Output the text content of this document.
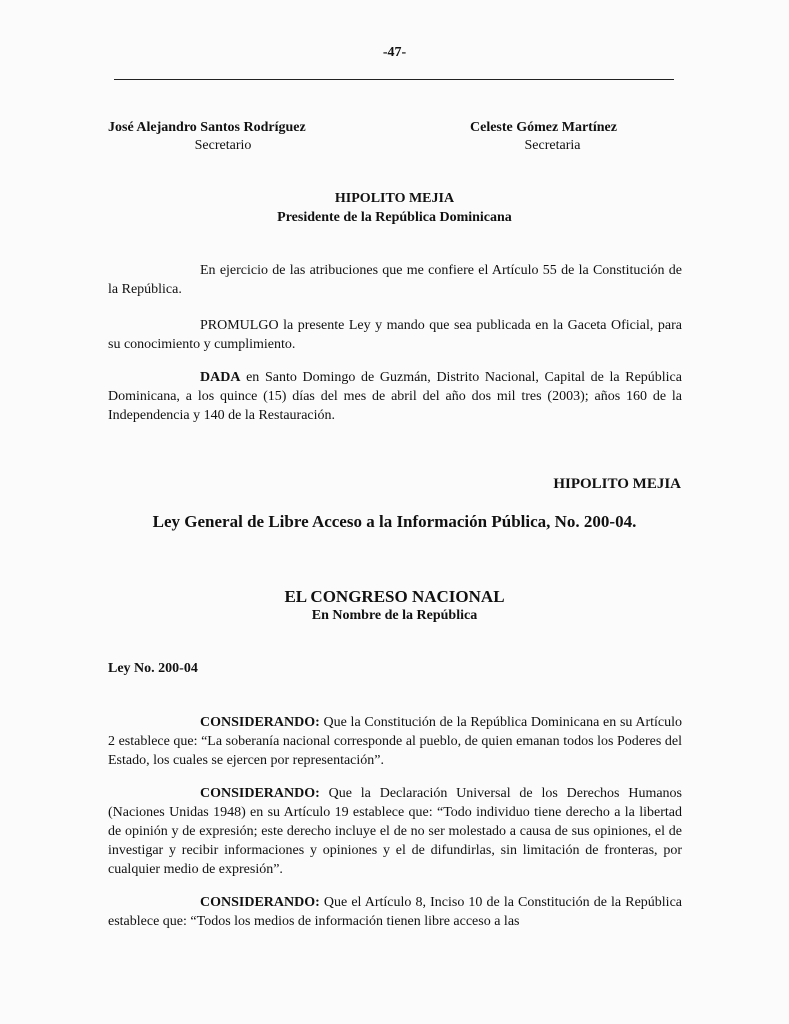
-47-
José Alejandro Santos Rodríguez
Secretario
Celeste Gómez Martínez
Secretaria
HIPOLITO MEJIA
Presidente de la República Dominicana

En ejercicio de las atribuciones que me confiere el Artículo 55 de la Constitución de la República.

PROMULGO la presente Ley y mando que sea publicada en la Gaceta Oficial, para su conocimiento y cumplimiento.

DADA en Santo Domingo de Guzmán, Distrito Nacional, Capital de la República Dominicana, a los quince (15) días del mes de abril del año dos mil tres (2003); años 160 de la Independencia y 140 de la Restauración.

HIPOLITO MEJIA
Ley General de Libre Acceso a la Información Pública, No. 200-04.
EL CONGRESO NACIONAL
En Nombre de la República
Ley No. 200-04

CONSIDERANDO: Que la Constitución de la República Dominicana en su Artículo 2 establece que: “La soberanía nacional corresponde al pueblo, de quien emanan todos los Poderes del Estado, los cuales se ejercen por representación”.

CONSIDERANDO: Que la Declaración Universal de los Derechos Humanos (Naciones Unidas 1948) en su Artículo 19 establece que: “Todo individuo tiene derecho a la libertad de opinión y de expresión; este derecho incluye el de no ser molestado a causa de sus opiniones, el de investigar y recibir informaciones y opiniones y el de difundirlas, sin limitación de fronteras, por cualquier medio de expresión”.

CONSIDERANDO: Que el Artículo 8, Inciso 10 de la Constitución de la República establece que: “Todos los medios de información tienen libre acceso a las
